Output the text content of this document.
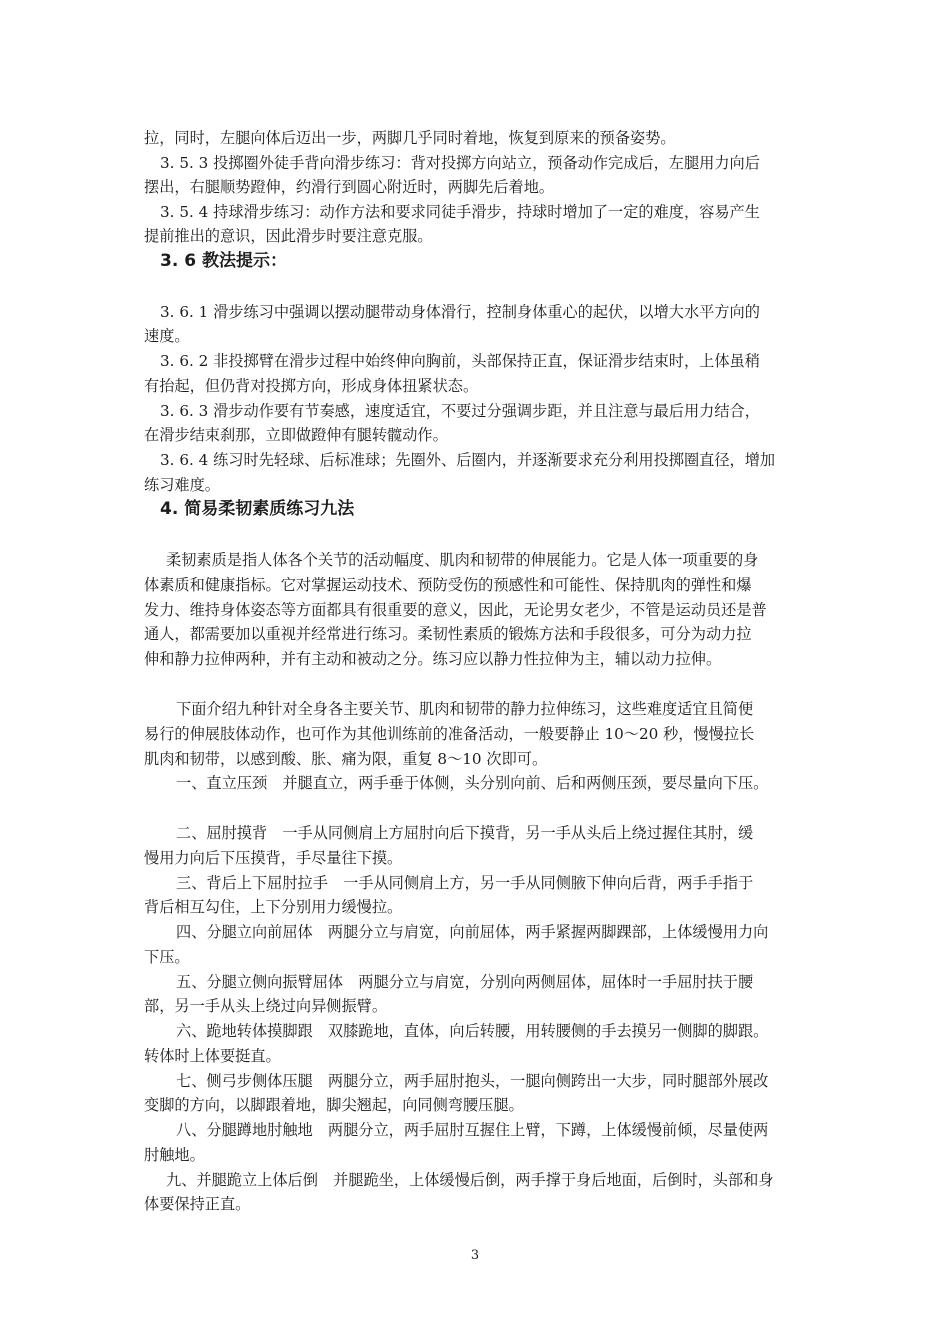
拉，同时，左腿向体后迈出一步，两脚几乎同时着地，恢复到原来的预备姿势。
3. 5. 3 投掷圈外徒手背向滑步练习：背对投掷方向站立，预备动作完成后，左腿用力向后
摆出，右腿顺势蹬伸，约滑行到圆心附近时，两脚先后着地。
3. 5. 4 持球滑步练习：动作方法和要求同徒手滑步，持球时增加了一定的难度，容易产生
提前推出的意识，因此滑步时要注意克服。
3. 6 教法提示：
3. 6. 1 滑步练习中强调以摆动腿带动身体滑行，控制身体重心的起伏，以增大水平方向的
速度。
3. 6. 2 非投掷臂在滑步过程中始终伸向胸前，头部保持正直，保证滑步结束时，上体虽稍
有抬起，但仍背对投掷方向，形成身体扭紧状态。
3. 6. 3 滑步动作要有节奏感，速度适宜，不要过分强调步距，并且注意与最后用力结合，
在滑步结束刹那，立即做蹬伸有腿转髋动作。
3. 6. 4 练习时先轻球、后标准球；先圈外、后圈内，并逐渐要求充分利用投掷圈直径，增加
练习难度。
4. 简易柔韧素质练习九法
柔韧素质是指人体各个关节的活动幅度、肌肉和韧带的伸展能力。它是人体一项重要的身
体素质和健康指标。它对掌握运动技术、预防受伤的预感性和可能性、保持肌肉的弹性和爆
发力、维持身体姿态等方面都具有很重要的意义，因此，无论男女老少，不管是运动员还是普
通人，都需要加以重视并经常进行练习。柔韧性素质的锻炼方法和手段很多，可分为动力拉
伸和静力拉伸两种，并有主动和被动之分。练习应以静力性拉伸为主，辅以动力拉伸。
下面介绍九种针对全身各主要关节、肌肉和韧带的静力拉伸练习，这些难度适宜且简便
易行的伸展肢体动作，也可作为其他训练前的准备活动，一般要静止 10～20 秒，慢慢拉长
肌肉和韧带，以感到酸、胀、痛为限，重复 8～10 次即可。
一、直立压颈　并腿直立，两手垂于体侧，头分别向前、后和两侧压颈，要尽量向下压。
二、屈肘摸背　一手从同侧肩上方屈肘向后下摸背，另一手从头后上绕过握住其肘，缓
慢用力向后下压摸背，手尽量往下摸。
三、背后上下屈肘拉手　一手从同侧肩上方，另一手从同侧腋下伸向后背，两手手指于
背后相互勾住，上下分别用力缓慢拉。
四、分腿立向前屈体　两腿分立与肩宽，向前屈体，两手紧握两脚踝部，上体缓慢用力向
下压。
五、分腿立侧向振臂屈体　两腿分立与肩宽，分别向两侧屈体，屈体时一手屈肘扶于腰
部，另一手从头上绕过向异侧振臂。
六、跪地转体摸脚跟　双膝跪地，直体，向后转腰，用转腰侧的手去摸另一侧脚的脚跟。
转体时上体要挺直。
七、侧弓步侧体压腿　两腿分立，两手屈肘抱头，一腿向侧跨出一大步，同时腿部外展改
变脚的方向，以脚跟着地，脚尖翘起，向同侧弯腰压腿。
八、分腿蹲地肘触地　两腿分立，两手屈肘互握住上臂，下蹲，上体缓慢前倾，尽量使两
肘触地。
九、并腿跪立上体后倒　并腿跪坐，上体缓慢后倒，两手撑于身后地面，后倒时，头部和身
体要保持正直。
3
